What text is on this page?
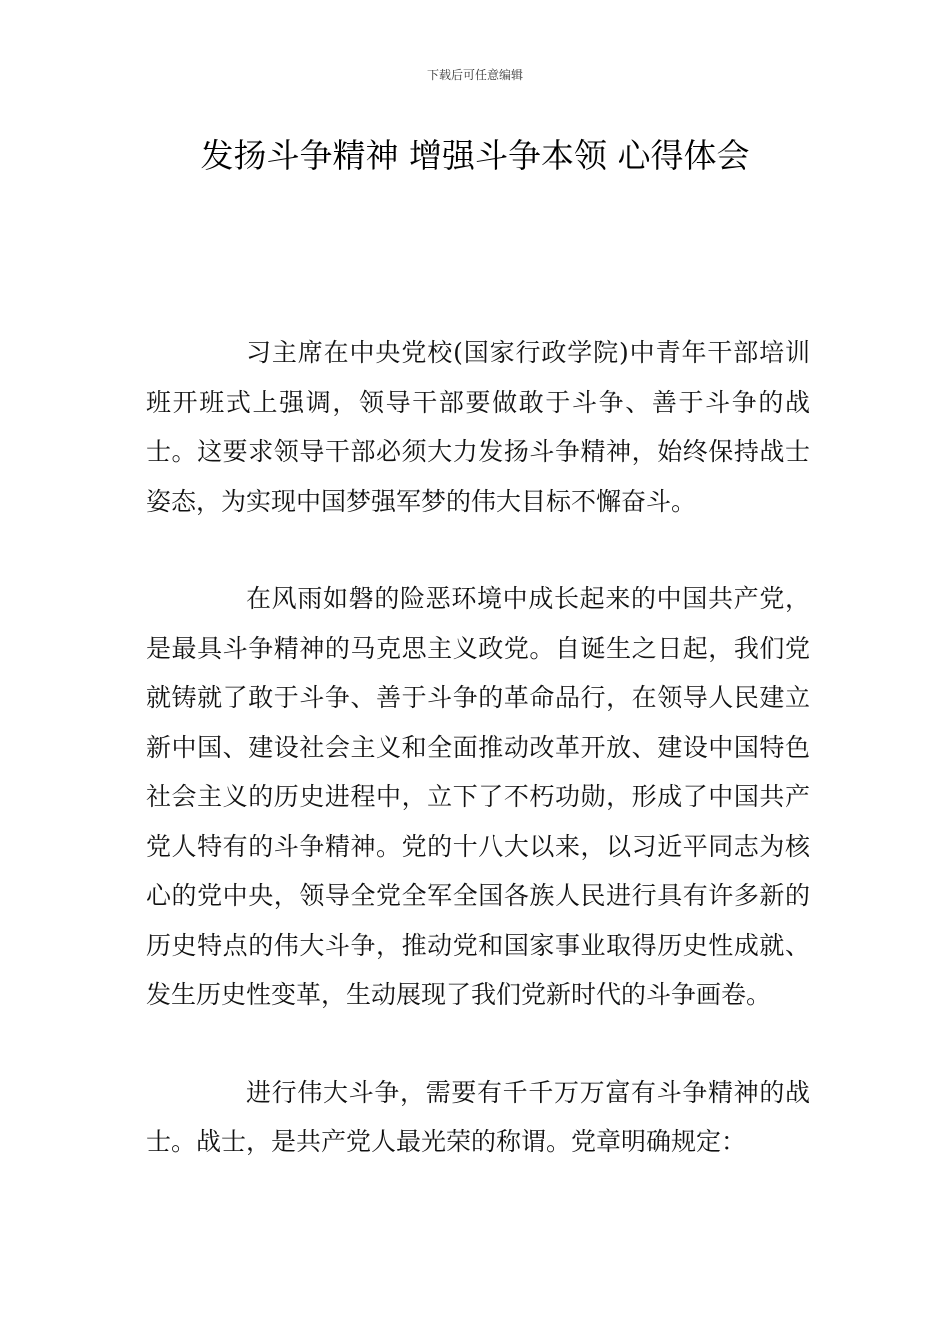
下载后可任意编辑
发扬斗争精神 增强斗争本领 心得体会

习主席在中央党校(国家行政学院)中青年干部培训班开班式上强调，领导干部要做敢于斗争、善于斗争的战士。这要求领导干部必须大力发扬斗争精神，始终保持战士姿态，为实现中国梦强军梦的伟大目标不懈奋斗。

在风雨如磐的险恶环境中成长起来的中国共产党，是最具斗争精神的马克思主义政党。自诞生之日起，我们党就铸就了敢于斗争、善于斗争的革命品行，在领导人民建立新中国、建设社会主义和全面推动改革开放、建设中国特色社会主义的历史进程中，立下了不朽功勋，形成了中国共产党人特有的斗争精神。党的十八大以来，以习近平同志为核心的党中央，领导全党全军全国各族人民进行具有许多新的历史特点的伟大斗争，推动党和国家事业取得历史性成就、发生历史性变革，生动展现了我们党新时代的斗争画卷。

进行伟大斗争，需要有千千万万富有斗争精神的战士。战士，是共产党人最光荣的称谓。党章明确规定：
